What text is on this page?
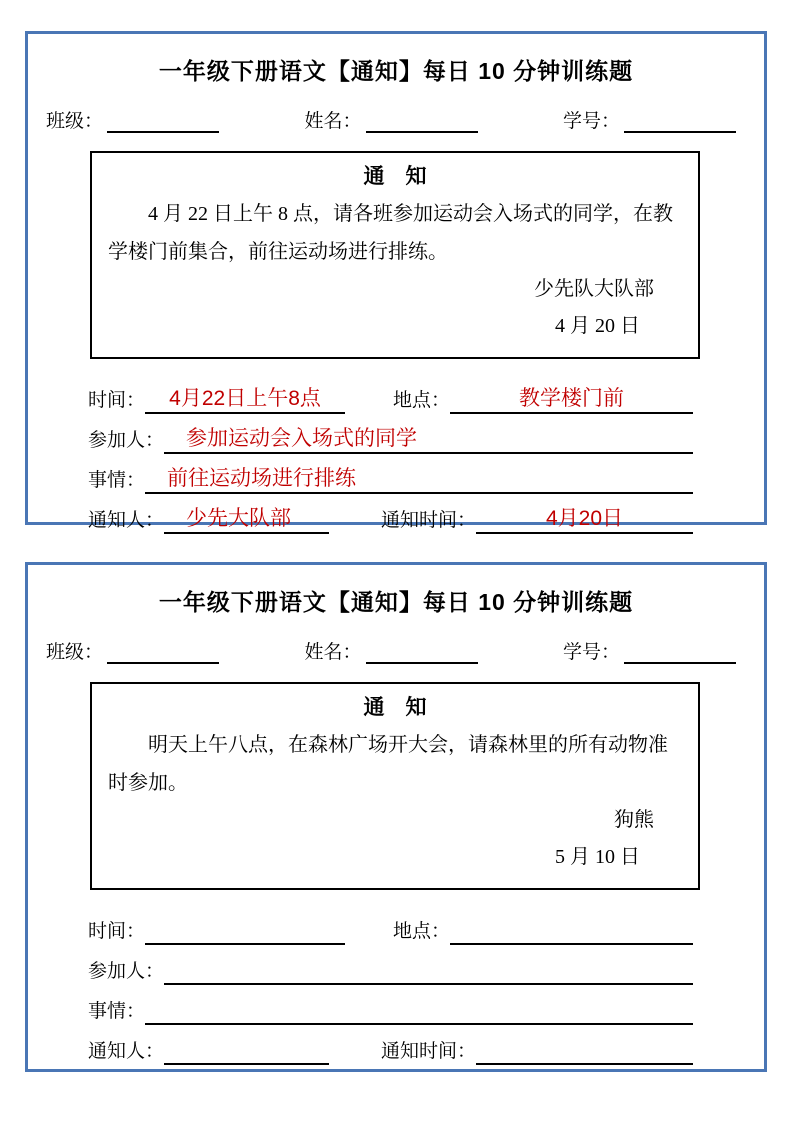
一年级下册语文【通知】每日 10 分钟训练题
班级：	姓名：	学号：
通　知

4 月 22 日上午 8 点，请各班参加运动会入场式的同学，在教学楼门前集合，前往运动场进行排练。

少先队大队部
4 月 20 日
时间： 4月22日上午8点	地点：	教学楼门前
参加人： 参加运动会入场式的同学
事情： 前往运动场进行排练
通知人： 少先大队部	通知时间：	4月20日
一年级下册语文【通知】每日 10 分钟训练题
班级：	姓名：	学号：
通　知

明天上午八点，在森林广场开大会，请森林里的所有动物准时参加。

狗熊
5 月 10 日
时间：	地点：
参加人：
事情：
通知人：	通知时间：
